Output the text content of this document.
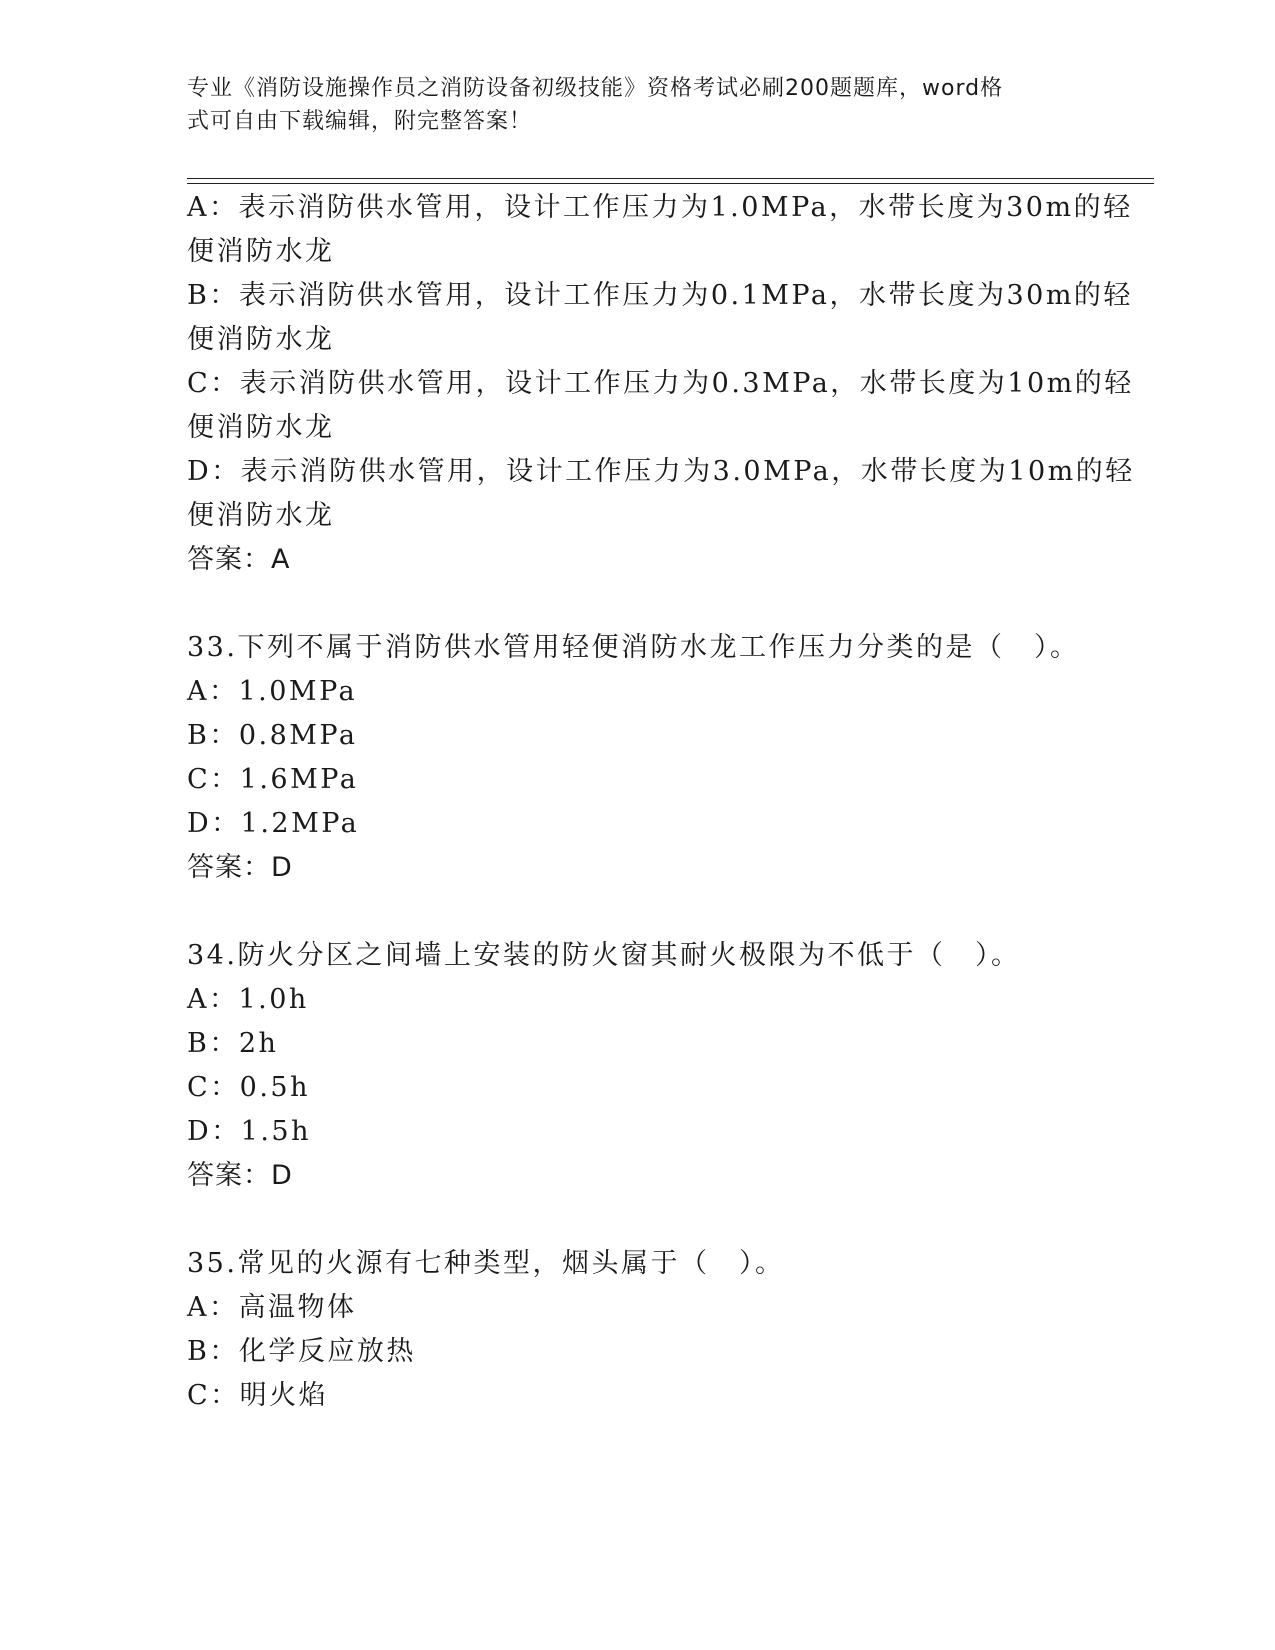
专业《消防设施操作员之消防设备初级技能》资格考试必刷200题题库，word格
式可自由下载编辑，附完整答案！
A：表示消防供水管用，设计工作压力为1.0MPa，水带长度为30m的轻
便消防水龙
B：表示消防供水管用，设计工作压力为0.1MPa，水带长度为30m的轻
便消防水龙
C：表示消防供水管用，设计工作压力为0.3MPa，水带长度为10m的轻
便消防水龙
D：表示消防供水管用，设计工作压力为3.0MPa，水带长度为10m的轻
便消防水龙
答案：A
33.下列不属于消防供水管用轻便消防水龙工作压力分类的是（　）。
A：1.0MPa
B：0.8MPa
C：1.6MPa
D：1.2MPa
答案：D
34.防火分区之间墙上安装的防火窗其耐火极限为不低于（　）。
A：1.0h
B：2h
C：0.5h
D：1.5h
答案：D
35.常见的火源有七种类型，烟头属于（　）。
A：高温物体
B：化学反应放热
C：明火焰
